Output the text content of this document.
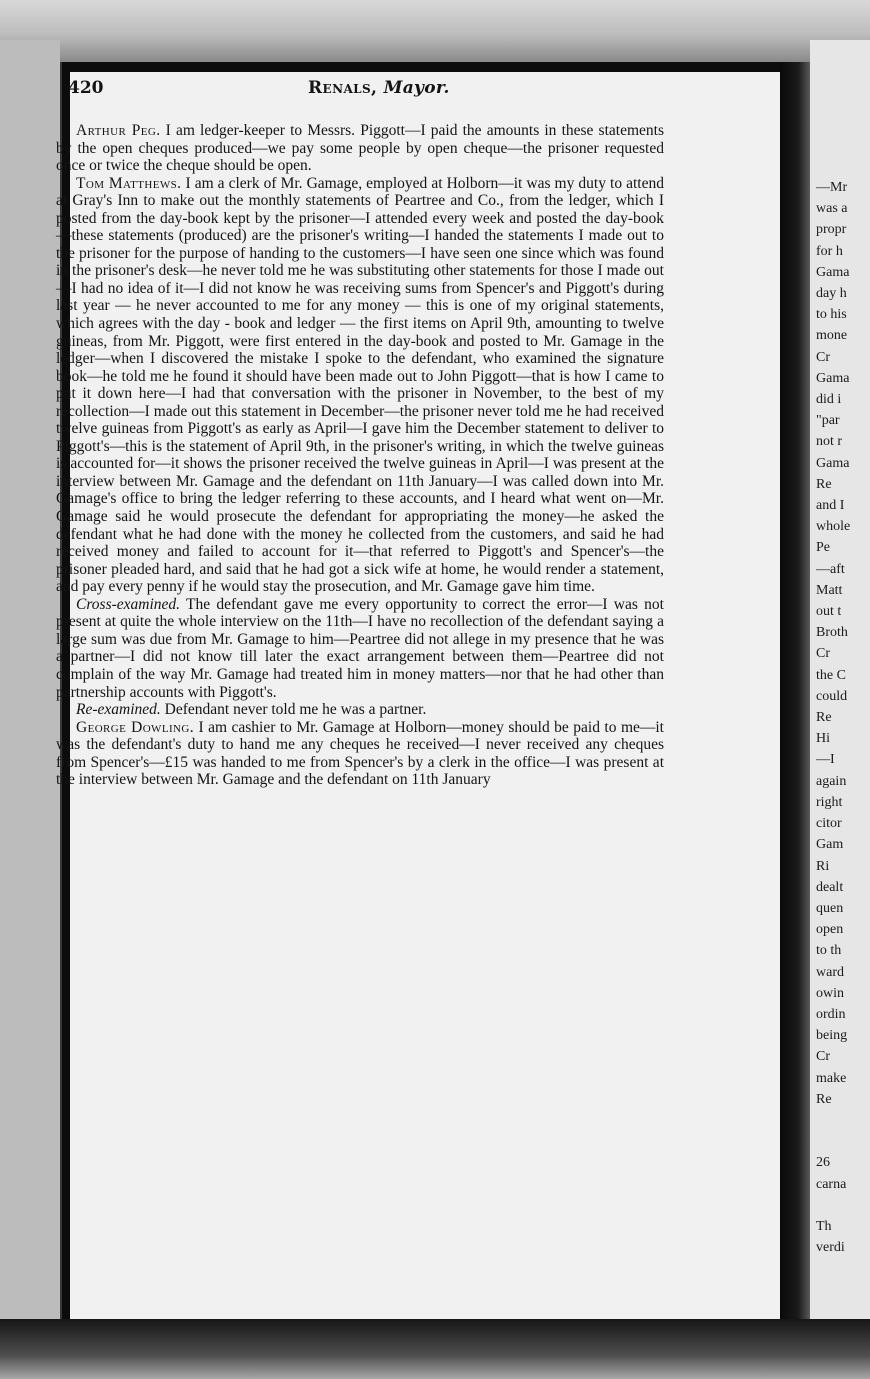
—Mr
was a
propr
for h
Gama
day h
to his
mone
Cr
Gama
did i
"par
not r
Gama
Re
and I
whole
Pe
—aft
Matt
out t
Broth
Cr
the C
could
Re
Hi
—I
again
right
citor
Gam
Ri
dealt
quen
open
to th
ward
owin
ordin
being
Cr
make
Re

26
carna

Th
verdi
420	Renals, Mayor.

Arthur Peg. I am ledger-keeper to Messrs. Piggott—I paid the amounts in these statements by the open cheques produced—we pay some people by open cheque—the prisoner requested once or twice the cheque should be open.

Tom Matthews. I am a clerk of Mr. Gamage, employed at Holborn—it was my duty to attend at Gray's Inn to make out the monthly statements of Peartree and Co., from the ledger, which I posted from the day-book kept by the prisoner—I attended every week and posted the day-book—these statements (produced) are the prisoner's writing—I handed the statements I made out to the prisoner for the purpose of handing to the customers—I have seen one since which was found in the prisoner's desk—he never told me he was substituting other statements for those I made out—I had no idea of it—I did not know he was receiving sums from Spencer's and Piggott's during last year — he never accounted to me for any money — this is one of my original statements, which agrees with the day - book and ledger — the first items on April 9th, amounting to twelve guineas, from Mr. Piggott, were first entered in the day-book and posted to Mr. Gamage in the ledger—when I discovered the mistake I spoke to the defendant, who examined the signature book—he told me he found it should have been made out to John Piggott—that is how I came to put it down here—I had that conversation with the prisoner in November, to the best of my recollection—I made out this statement in December—the prisoner never told me he had received twelve guineas from Piggott's as early as April—I gave him the December statement to deliver to Piggott's—this is the statement of April 9th, in the prisoner's writing, in which the twelve guineas is accounted for—it shows the prisoner received the twelve guineas in April—I was present at the interview between Mr. Gamage and the defendant on 11th January—I was called down into Mr. Gamage's office to bring the ledger referring to these accounts, and I heard what went on—Mr. Gamage said he would prosecute the defendant for appropriating the money—he asked the defendant what he had done with the money he collected from the customers, and said he had received money and failed to account for it—that referred to Piggott's and Spencer's—the prisoner pleaded hard, and said that he had got a sick wife at home, he would render a statement, and pay every penny if he would stay the prosecution, and Mr. Gamage gave him time.

Cross-examined. The defendant gave me every opportunity to correct the error—I was not present at quite the whole interview on the 11th—I have no recollection of the defendant saying a large sum was due from Mr. Gamage to him—Peartree did not allege in my presence that he was a partner—I did not know till later the exact arrangement between them—Peartree did not complain of the way Mr. Gamage had treated him in money matters—nor that he had other than partnership accounts with Piggott's.

Re-examined. Defendant never told me he was a partner.

George Dowling. I am cashier to Mr. Gamage at Holborn—money should be paid to me—it was the defendant's duty to hand me any cheques he received—I never received any cheques from Spencer's—£15 was handed to me from Spencer's by a clerk in the office—I was present at the interview between Mr. Gamage and the defendant on 11th January
